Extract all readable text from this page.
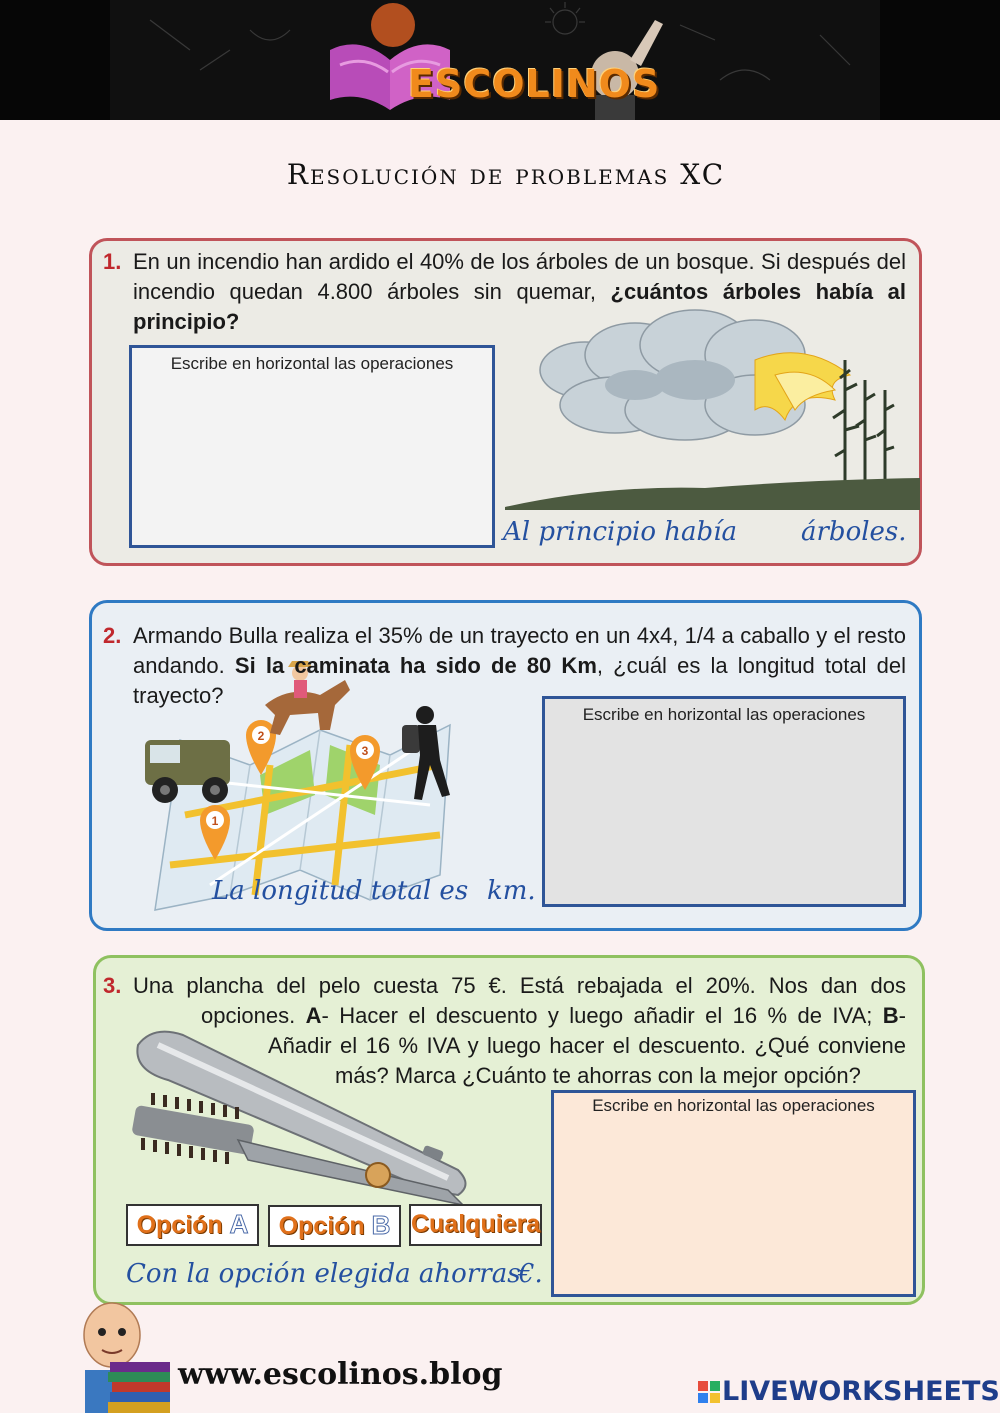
ESCOLINOS
Resolución de problemas XC
1. En un incendio han ardido el 40% de los árboles de un bosque. Si después del
incendio quedan 4.800 árboles sin quemar, ¿cuántos árboles había al
principio?
Escribe en horizontal las operaciones
Al principio había árboles.
1
2
3
2. Armando Bulla realiza el 35% de un trayecto en un 4x4, 1/4 a caballo y el resto
andando. Si la caminata ha sido de 80 Km, ¿cuál es la longitud total del
trayecto?
Escribe en horizontal las operaciones
La longitud total es km.
3. Una plancha del pelo cuesta 75 €. Está rebajada el 20%. Nos dan dos
opciones. A- Hacer el descuento y luego añadir el 16 % de IVA; B-
Añadir el 16 % IVA y luego hacer el descuento. ¿Qué conviene
más? Marca ¿Cuánto te ahorras con la mejor opción?
Escribe en horizontal las operaciones
Opción A	Opción B Cualquiera
Con la opción elegida ahorras
€.
www.escolinos.blog	LIVEWORKSHEETS
